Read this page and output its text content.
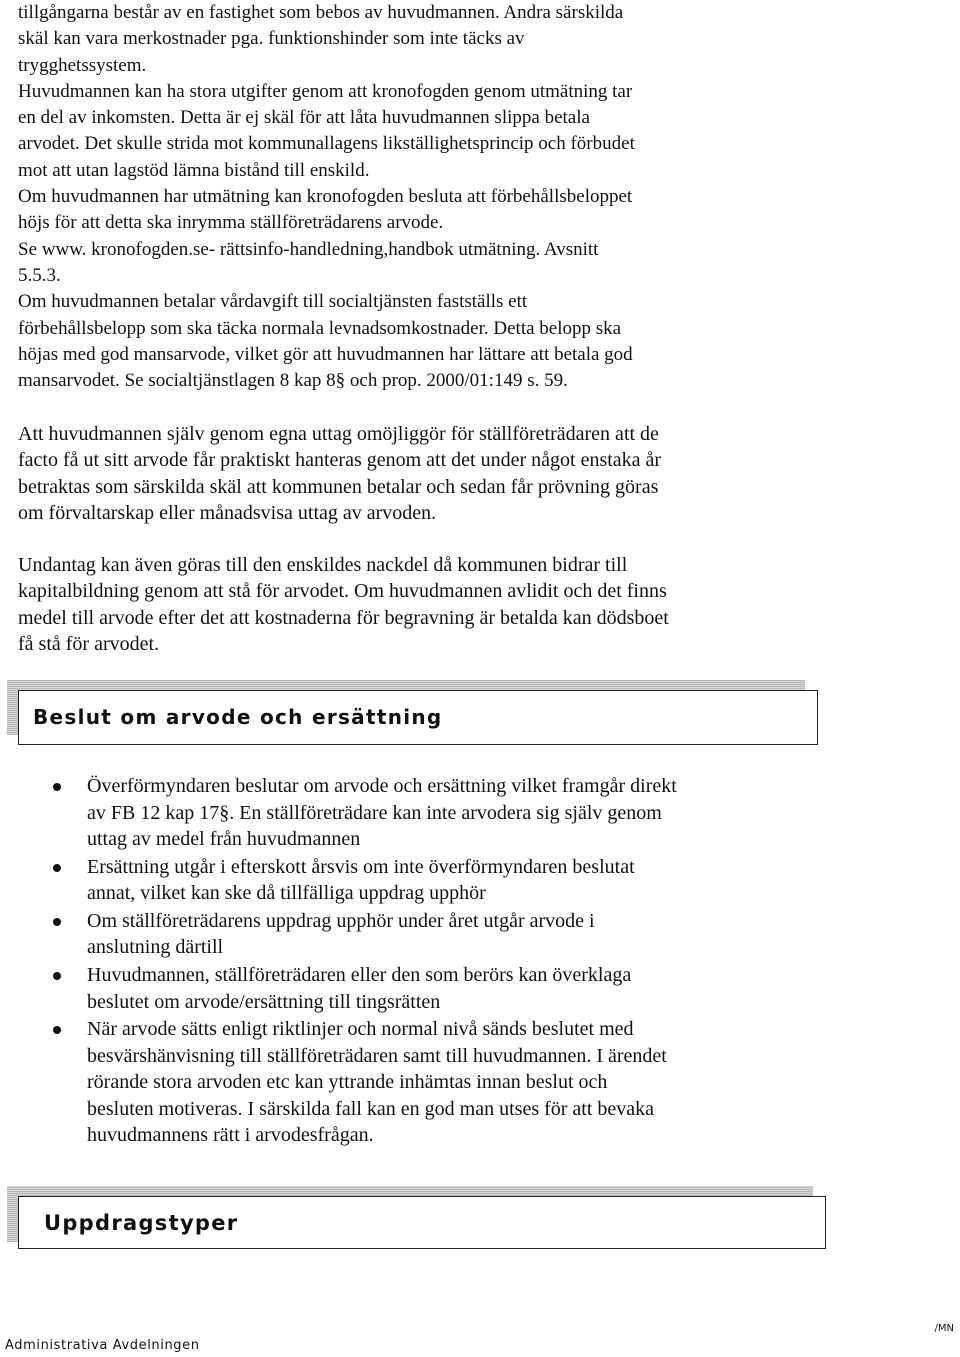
tillgångarna består av en fastighet som bebos av huvudmannen. Andra särskilda
skäl kan vara merkostnader pga. funktionshinder som inte täcks av
trygghetssystem.
Huvudmannen kan ha stora utgifter genom att kronofogden genom utmätning tar
en del av inkomsten. Detta är ej skäl för att låta huvudmannen slippa betala
arvodet. Det skulle strida mot kommunallagens likställighetsprincip och förbudet
mot att utan lagstöd lämna bistånd till enskild.
Om huvudmannen har utmätning kan kronofogden besluta att förbehållsbeloppet
höjs för att detta ska inrymma ställföreträdarens arvode.
Se www. kronofogden.se- rättsinfo-handledning,handbok utmätning. Avsnitt
5.5.3.
Om huvudmannen betalar vårdavgift till socialtjänsten fastställs ett
förbehållsbelopp som ska täcka normala levnadsomkostnader. Detta belopp ska
höjas med god mansarvode, vilket gör att huvudmannen har lättare att betala god
mansarvodet. Se socialtjänstlagen 8 kap 8§ och prop. 2000/01:149 s. 59.
Att huvudmannen själv genom egna uttag omöjliggör för ställföreträdaren att de
facto få ut sitt arvode får praktiskt hanteras genom att det under något enstaka år
betraktas som särskilda skäl att kommunen betalar och sedan får prövning göras
om förvaltarskap eller månadsvisa uttag av arvoden.
Undantag kan även göras till den enskildes nackdel då kommunen bidrar till
kapitalbildning genom att stå för arvodet. Om huvudmannen avlidit och det finns
medel till arvode efter det att kostnaderna för begravning är betalda kan dödsboet
få stå för arvodet.
Beslut om arvode och ersättning
Överförmyndaren beslutar om arvode och ersättning vilket framgår direkt
av FB 12 kap 17§. En ställföreträdare kan inte arvodera sig själv genom
uttag av medel från huvudmannen
Ersättning utgår i efterskott årsvis om inte överförmyndaren beslutat
annat, vilket kan ske då tillfälliga uppdrag upphör
Om ställföreträdarens uppdrag upphör under året utgår arvode i
anslutning därtill
Huvudmannen, ställföreträdaren eller den som berörs kan överklaga
beslutet om arvode/ersättning till tingsrätten
När arvode sätts enligt riktlinjer och normal nivå sänds beslutet med
besvärshänvisning till ställföreträdaren samt till huvudmannen. I ärendet
rörande stora arvoden etc kan yttrande inhämtas innan beslut och
besluten motiveras. I särskilda fall kan en god man utses för att bevaka
huvudmannens rätt i arvodesfrågan.
Uppdragstyper
/MN
Administrativa Avdelningen
